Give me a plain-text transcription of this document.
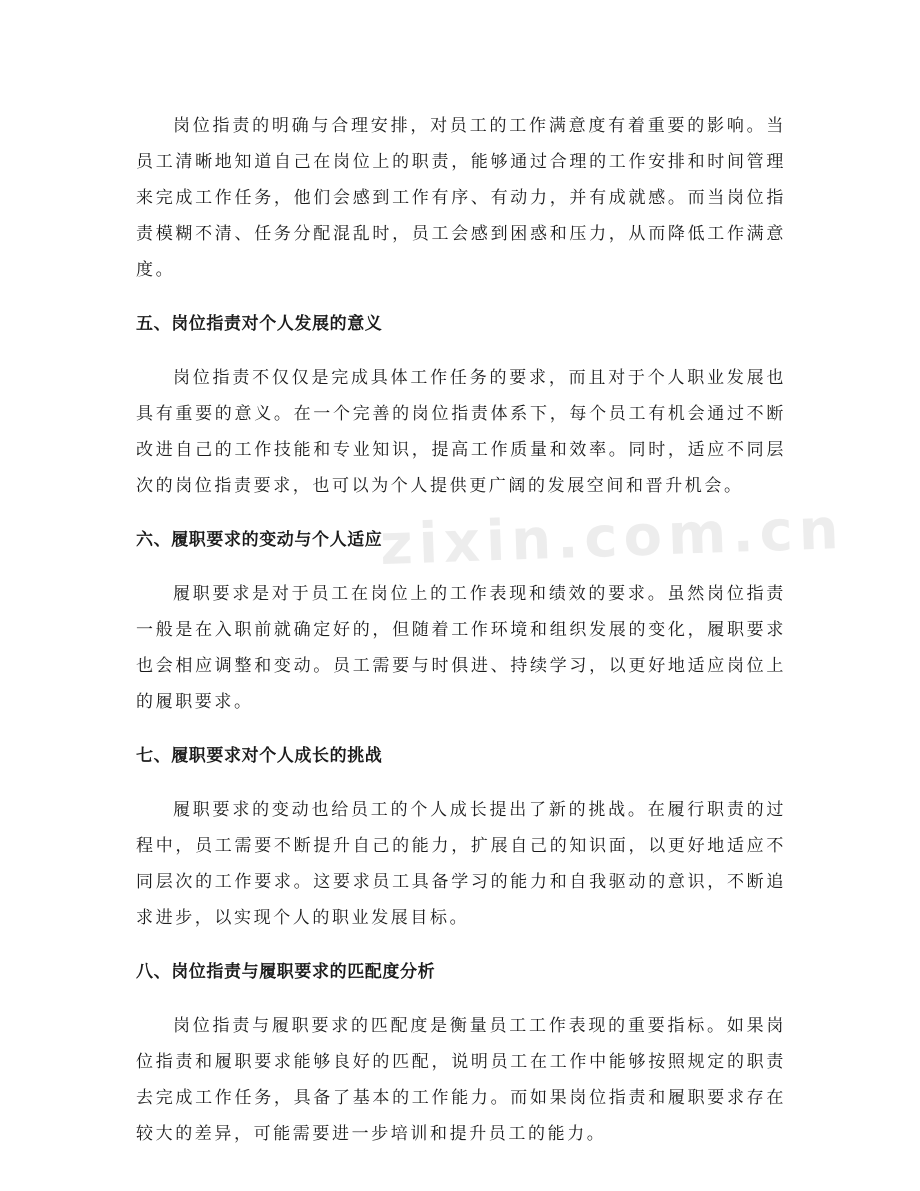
岗位指责的明确与合理安排，对员工的工作满意度有着重要的影响。当员工清晰地知道自己在岗位上的职责，能够通过合理的工作安排和时间管理来完成工作任务，他们会感到工作有序、有动力，并有成就感。而当岗位指责模糊不清、任务分配混乱时，员工会感到困惑和压力，从而降低工作满意度。

五、岗位指责对个人发展的意义

岗位指责不仅仅是完成具体工作任务的要求，而且对于个人职业发展也具有重要的意义。在一个完善的岗位指责体系下，每个员工有机会通过不断改进自己的工作技能和专业知识，提高工作质量和效率。同时，适应不同层次的岗位指责要求，也可以为个人提供更广阔的发展空间和晋升机会。

六、履职要求的变动与个人适应

履职要求是对于员工在岗位上的工作表现和绩效的要求。虽然岗位指责一般是在入职前就确定好的，但随着工作环境和组织发展的变化，履职要求也会相应调整和变动。员工需要与时俱进、持续学习，以更好地适应岗位上的履职要求。

七、履职要求对个人成长的挑战

履职要求的变动也给员工的个人成长提出了新的挑战。在履行职责的过程中，员工需要不断提升自己的能力，扩展自己的知识面，以更好地适应不同层次的工作要求。这要求员工具备学习的能力和自我驱动的意识，不断追求进步，以实现个人的职业发展目标。

八、岗位指责与履职要求的匹配度分析

岗位指责与履职要求的匹配度是衡量员工工作表现的重要指标。如果岗位指责和履职要求能够良好的匹配，说明员工在工作中能够按照规定的职责去完成工作任务，具备了基本的工作能力。而如果岗位指责和履职要求存在较大的差异，可能需要进一步培训和提升员工的能力。

zixin.com.cn
